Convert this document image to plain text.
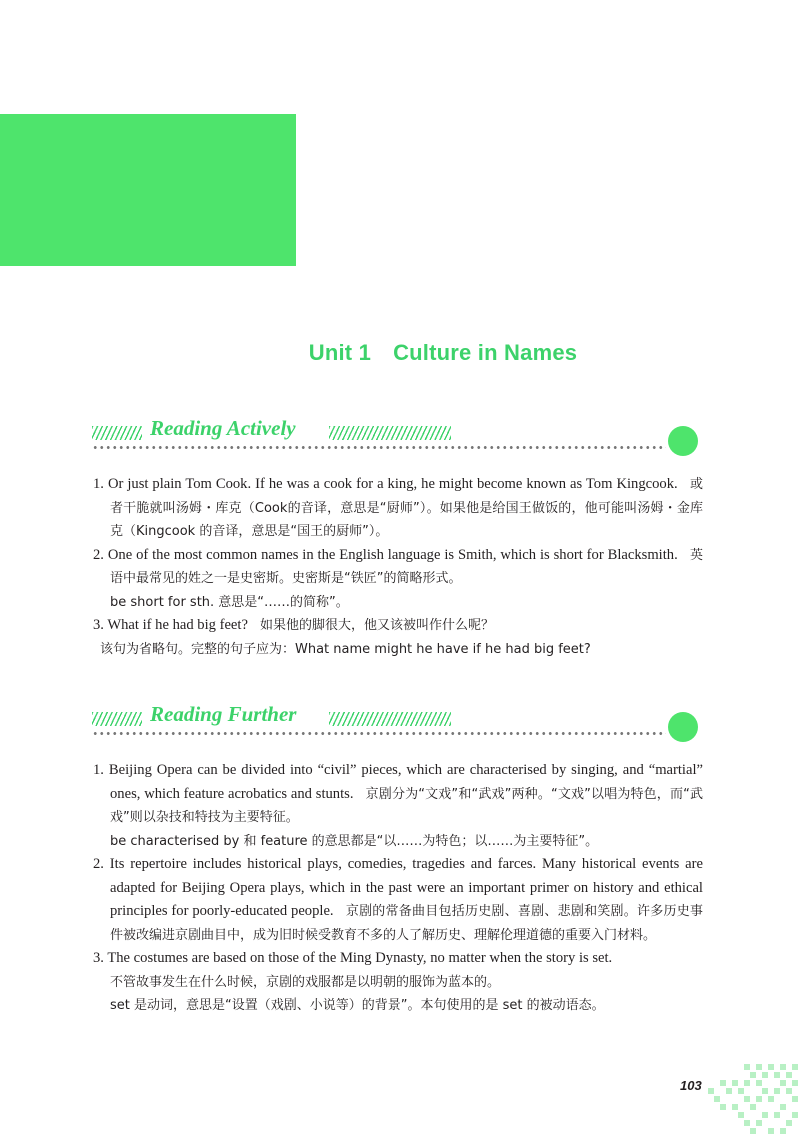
Unit 1 Culture in Names
Reading Actively
1. Or just plain Tom Cook. If he was a cook for a king, he might become known as Tom Kingcook. 或者干脆就叫汤姆・库克（Cook的音译，意思是“厨师”）。如果他是给国王做饭的，他可能叫汤姆・金库克（Kingcook 的音译，意思是“国王的厨师”）。
2. One of the most common names in the English language is Smith, which is short for Blacksmith. 英语中最常见的姓之一是史密斯。史密斯是“铁匠”的简略形式。
be short for sth. 意思是“……的简称”。
3. What if he had big feet? 如果他的脚很大，他又该被叫作什么呢？
该句为省略句。完整的句子应为：What name might he have if he had big feet?
Reading Further
1. Beijing Opera can be divided into “civil” pieces, which are characterised by singing, and “martial” ones, which feature acrobatics and stunts. 京剧分为“文戏”和“武戏”两种。“文戏”以唱为特色，而“武戏”则以杂技和特技为主要特征。
be characterised by 和 feature 的意思都是“以……为特色；以……为主要特征”。
2. Its repertoire includes historical plays, comedies, tragedies and farces. Many historical events are adapted for Beijing Opera plays, which in the past were an important primer on history and ethical principles for poorly-educated people. 京剧的常备曲目包括历史剧、喜剧、悲剧和笑剧。许多历史事件被改编进京剧曲目中，成为旧时候受教育不多的人了解历史、理解伦理道德的重要入门材料。
3. The costumes are based on those of the Ming Dynasty, no matter when the story is set.
不管故事发生在什么时候，京剧的戏服都是以明朝的服饰为蓝本的。
set 是动词，意思是“设置（戏剧、小说等）的背景”。本句使用的是 set 的被动语态。
103
